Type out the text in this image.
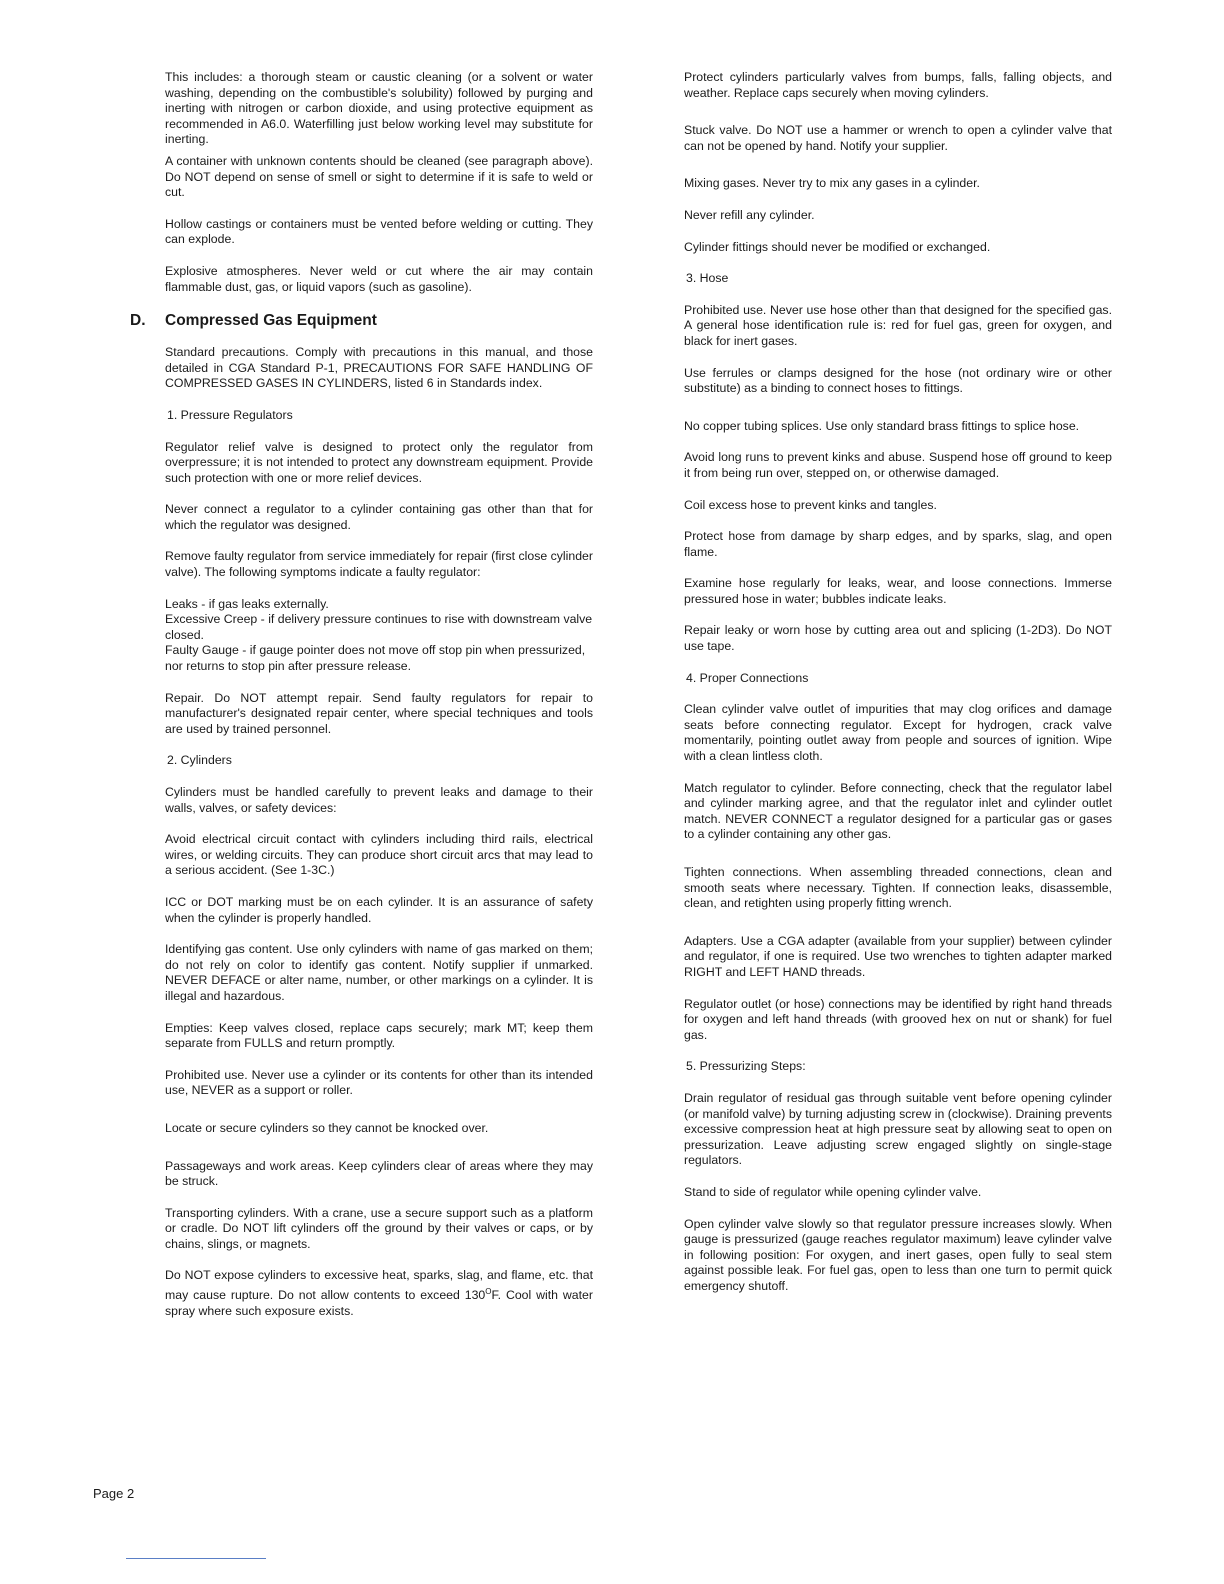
This includes: a thorough steam or caustic cleaning (or a solvent or water washing, depending on the combustible's solubility) followed by purging and inerting with nitrogen or carbon dioxide, and using protective equipment as recommended in A6.0. Waterfilling just below working level may substitute for inerting.

A container with unknown contents should be cleaned (see paragraph above). Do NOT depend on sense of smell or sight to determine if it is safe to weld or cut.

Hollow castings or containers must be vented before welding or cutting. They can explode.

Explosive atmospheres. Never weld or cut where the air may contain flammable dust, gas, or liquid vapors (such as gasoline).

D. Compressed Gas Equipment

Standard precautions. Comply with precautions in this manual, and those detailed in CGA Standard P-1, PRECAUTIONS FOR SAFE HANDLING OF COMPRESSED GASES IN CYLINDERS, listed 6 in Standards index.

1. Pressure Regulators

Regulator relief valve is designed to protect only the regulator from overpressure; it is not intended to protect any downstream equipment. Provide such protection with one or more relief devices.

Never connect a regulator to a cylinder containing gas other than that for which the regulator was designed.

Remove faulty regulator from service immediately for repair (first close cylinder valve). The following symptoms indicate a faulty regulator:

Leaks - if gas leaks externally.
Excessive Creep - if delivery pressure continues to rise with downstream valve closed.
Faulty Gauge - if gauge pointer does not move off stop pin when pressurized, nor returns to stop pin after pressure release.

Repair. Do NOT attempt repair. Send faulty regulators for repair to manufacturer's designated repair center, where special techniques and tools are used by trained personnel.

2. Cylinders

Cylinders must be handled carefully to prevent leaks and damage to their walls, valves, or safety devices:

Avoid electrical circuit contact with cylinders including third rails, electrical wires, or welding circuits. They can produce short circuit arcs that may lead to a serious accident. (See 1-3C.)

ICC or DOT marking must be on each cylinder. It is an assurance of safety when the cylinder is properly handled.

Identifying gas content. Use only cylinders with name of gas marked on them; do not rely on color to identify gas content. Notify supplier if unmarked. NEVER DEFACE or alter name, number, or other markings on a cylinder. It is illegal and hazardous.

Empties: Keep valves closed, replace caps securely; mark MT; keep them separate from FULLS and return promptly.

Prohibited use. Never use a cylinder or its contents for other than its intended use, NEVER as a support or roller.

Locate or secure cylinders so they cannot be knocked over.

Passageways and work areas. Keep cylinders clear of areas where they may be struck.

Transporting cylinders. With a crane, use a secure support such as a platform or cradle. Do NOT lift cylinders off the ground by their valves or caps, or by chains, slings, or magnets.

Do NOT expose cylinders to excessive heat, sparks, slag, and flame, etc. that may cause rupture. Do not allow contents to exceed $130^OF$. Cool with water spray where such exposure exists.

Protect cylinders particularly valves from bumps, falls, falling objects, and weather. Replace caps securely when moving cylinders.

Stuck valve. Do NOT use a hammer or wrench to open a cylinder valve that can not be opened by hand. Notify your supplier.

Mixing gases. Never try to mix any gases in a cylinder.

Never refill any cylinder.

Cylinder fittings should never be modified or exchanged.

3. Hose

Prohibited use. Never use hose other than that designed for the specified gas. A general hose identification rule is: red for fuel gas, green for oxygen, and black for inert gases.

Use ferrules or clamps designed for the hose (not ordinary wire or other substitute) as a binding to connect hoses to fittings.

No copper tubing splices. Use only standard brass fittings to splice hose.

Avoid long runs to prevent kinks and abuse. Suspend hose off ground to keep it from being run over, stepped on, or otherwise damaged.

Coil excess hose to prevent kinks and tangles.

Protect hose from damage by sharp edges, and by sparks, slag, and open flame.

Examine hose regularly for leaks, wear, and loose connections. Immerse pressured hose in water; bubbles indicate leaks.

Repair leaky or worn hose by cutting area out and splicing (1-2D3). Do NOT use tape.

4. Proper Connections

Clean cylinder valve outlet of impurities that may clog orifices and damage seats before connecting regulator. Except for hydrogen, crack valve momentarily, pointing outlet away from people and sources of ignition. Wipe with a clean lintless cloth.

Match regulator to cylinder. Before connecting, check that the regulator label and cylinder marking agree, and that the regulator inlet and cylinder outlet match. NEVER CONNECT a regulator designed for a particular gas or gases to a cylinder containing any other gas.

Tighten connections. When assembling threaded connections, clean and smooth seats where necessary. Tighten. If connection leaks, disassemble, clean, and retighten using properly fitting wrench.

Adapters. Use a CGA adapter (available from your supplier) between cylinder and regulator, if one is required. Use two wrenches to tighten adapter marked RIGHT and LEFT HAND threads.

Regulator outlet (or hose) connections may be identified by right hand threads for oxygen and left hand threads (with grooved hex on nut or shank) for fuel gas.

5. Pressurizing Steps:

Drain regulator of residual gas through suitable vent before opening cylinder (or manifold valve) by turning adjusting screw in (clockwise). Draining prevents excessive compression heat at high pressure seat by allowing seat to open on pressurization. Leave adjusting screw engaged slightly on single-stage regulators.

Stand to side of regulator while opening cylinder valve.

Open cylinder valve slowly so that regulator pressure increases slowly. When gauge is pressurized (gauge reaches regulator maximum) leave cylinder valve in following position: For oxygen, and inert gases, open fully to seal stem against possible leak. For fuel gas, open to less than one turn to permit quick emergency shutoff.

Page 2
